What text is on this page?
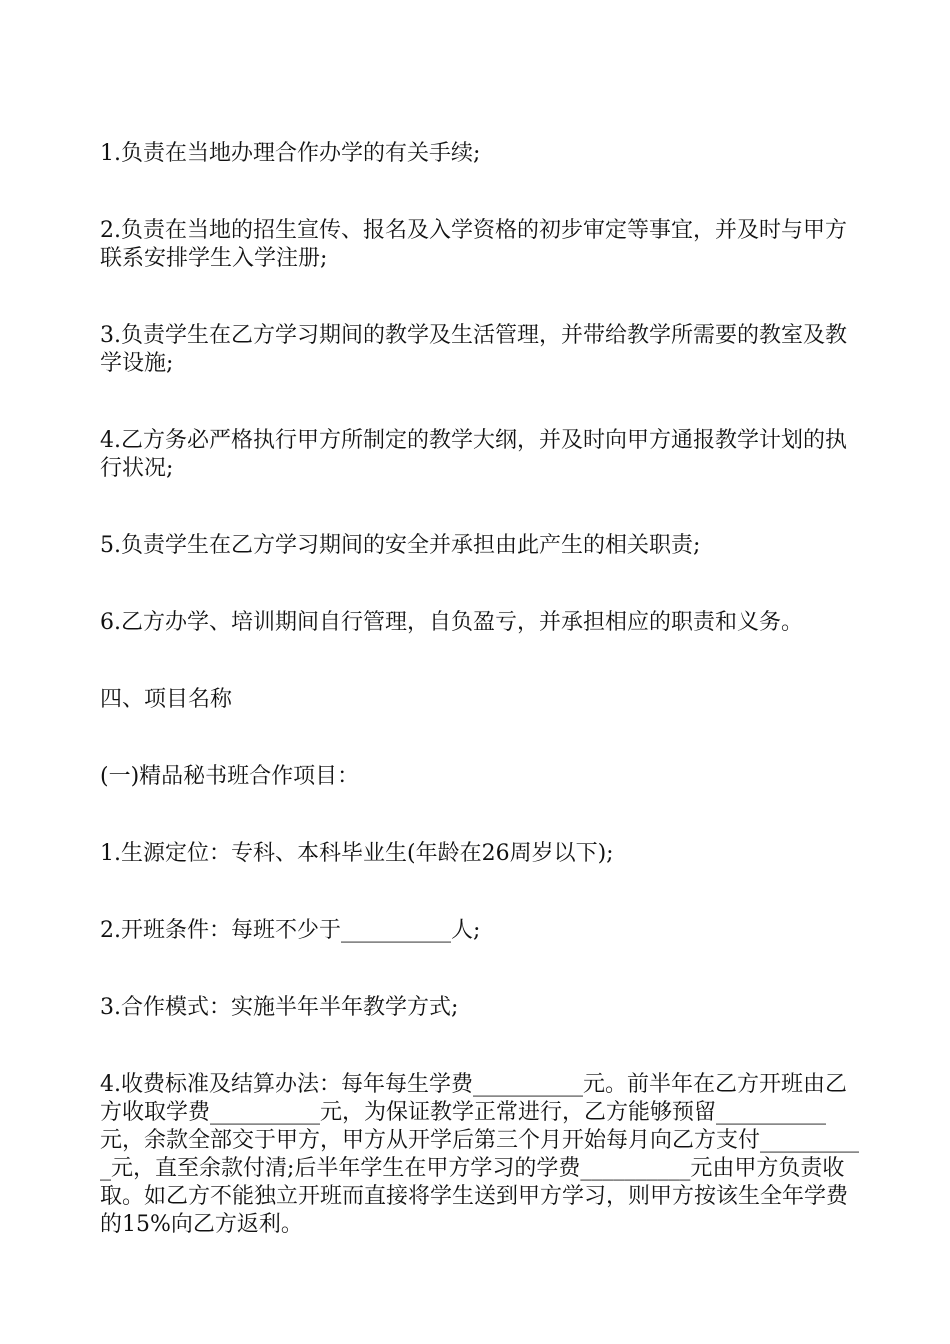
1.负责在当地办理合作办学的有关手续;

2.负责在当地的招生宣传、报名及入学资格的初步审定等事宜，并及时与甲方联系安排学生入学注册;

3.负责学生在乙方学习期间的教学及生活管理，并带给教学所需要的教室及教学设施;

4.乙方务必严格执行甲方所制定的教学大纲，并及时向甲方通报教学计划的执行状况;

5.负责学生在乙方学习期间的安全并承担由此产生的相关职责;

6.乙方办学、培训期间自行管理，自负盈亏，并承担相应的职责和义务。

四、项目名称

(一)精品秘书班合作项目：

1.生源定位：专科、本科毕业生(年龄在26周岁以下);

2.开班条件：每班不少于__________人;

3.合作模式：实施半年半年教学方式;

4.收费标准及结算办法：每年每生学费__________元。前半年在乙方开班由乙方收取学费__________元，为保证教学正常进行，乙方能够预留__________元，余款全部交于甲方，甲方从开学后第三个月开始每月向乙方支付__________元，直至余款付清;后半年学生在甲方学习的学费__________元由甲方负责收取。如乙方不能独立开班而直接将学生送到甲方学习，则甲方按该生全年学费的15%向乙方返利。
